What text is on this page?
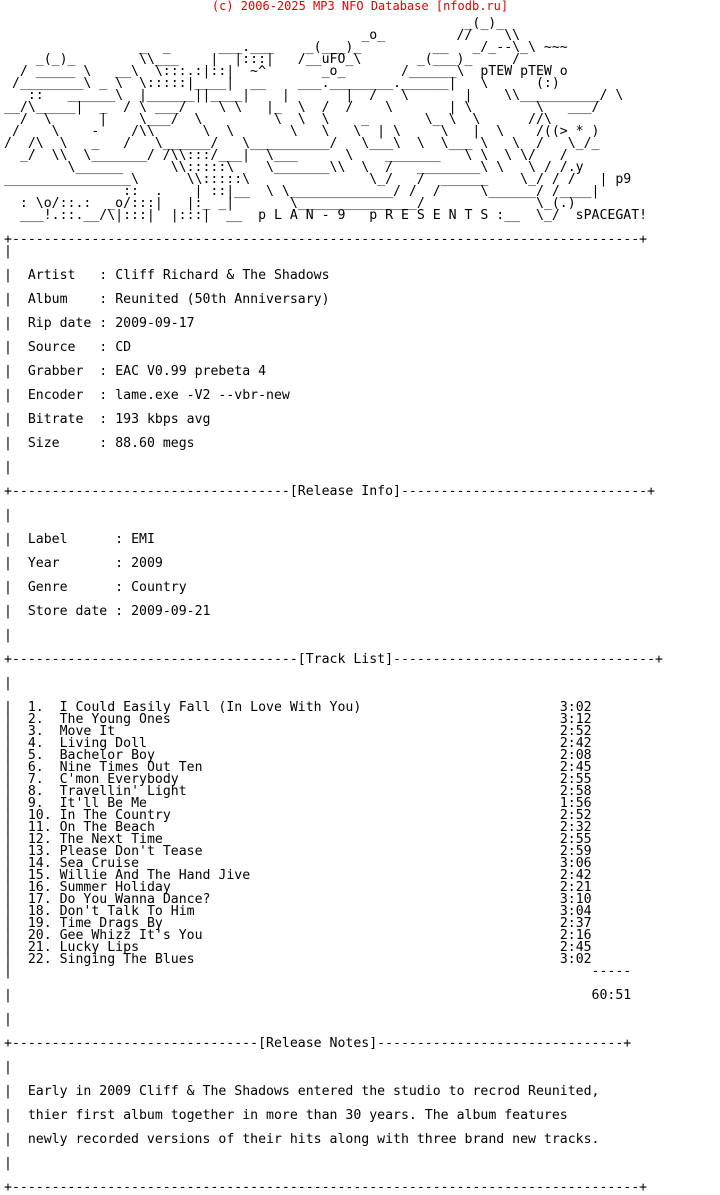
(c) 2006-2025 MP3 NFO Database [nfodb.ru]
_(_)_
_o_         //    \\
_  _      ___.___    _(___)_         __   _/_--\_\ ~~~
_(_)_        \\___    |  |:::|   /__uFO_\       _(___)_     /
/ _____ \   __\  \:::.:|::|  ~^       _o_       /______\  pTEW pTEW o
/________\ _ \  \:::::|____|  __    ___.________.______|   \      (:)
::   ______\  |______||____|    |       |  /   \       |    \\__________/ \
__/\_____|  _  / \ ___/    \ \   |_  \  /  /    \       | \        \   ___/
/  \      |    \___/  \         \  \  \    _       \_ \  \      //\
/    \    -    /\\      \  \       \   \   \  | \     \   |  \    /((> * )
/  /\  \   _   /   \______/   \__________/   \___\  \  \___ \   \  /   \_/_
_/  \\  \_______/ /\\:::/___|  \___      \    _______   \ \  \ \/   /
\______      \\:::::\    \_______\\  \  /   ________\ \   \ / /.y
________________\      \\:::::\               \_/   /  ______    \_/ / /   | p9
::  .    | ::|__  \ \_____________/ /  /     \______/ /____|
: \o/::.:  _o/:::|   |:_ _|       \_______________/              \_(.)
___!.::.__/\|:::|  |:::|  __  p L A N - 9   p R E S E N T S :__  \_/  sPACEGAT!

+-------------------------------------------------------------------------------+
|

|  Artist   : Cliff Richard & The Shadows

|  Album    : Reunited (50th Anniversary)

|  Rip date : 2009-09-17

|  Source   : CD

|  Grabber  : EAC V0.99 prebeta 4

|  Encoder  : lame.exe -V2 --vbr-new

|  Bitrate  : 193 kbps avg

|  Size     : 88.60 megs

|

+-----------------------------------[Release Info]-------------------------------+

|

|  Label      : EMI

|  Year       : 2009

|  Genre      : Country

|  Store date : 2009-09-21

|

+------------------------------------[Track List]---------------------------------+

|

|  1. I Could Easily Fall (In Love With You)	3:02
|  2. The Young Ones	3:12
|  3. Move It	2:52
|  4. Living Doll	2:42
|  5. Bachelor Boy	2:08
|  6. Nine Times Out Ten	2:45
|  7. C'mon Everybody	2:55
|  8. Travellin' Light	2:58
|  9. It'll Be Me	1:56
|  10. In The Country	2:52
|  11. On The Beach	2:32
|  12. The Next Time	2:55
|  13. Please Don't Tease	2:59
|  14. Sea Cruise	3:06
|  15. Willie And The Hand Jive	2:42
|  16. Summer Holiday	2:21
|  17. Do You Wanna Dance?	3:10
|  18. Don't Talk To Him	3:04
|  19. Time Drags By	2:37
|  20. Gee Whizz It's You	2:16
|  21. Lucky Lips	2:45
|  22. Singing The Blues	3:02
|                                                                         -----

|                                                                         60:51

|

+-------------------------------[Release Notes]-------------------------------+

|

|  Early in 2009 Cliff & The Shadows entered the studio to recrod Reunited,

|  thier first album together in more than 30 years. The album features

|  newly recorded versions of their hits along with three brand new tracks.

|

+-------------------------------------------------------------------------------+
